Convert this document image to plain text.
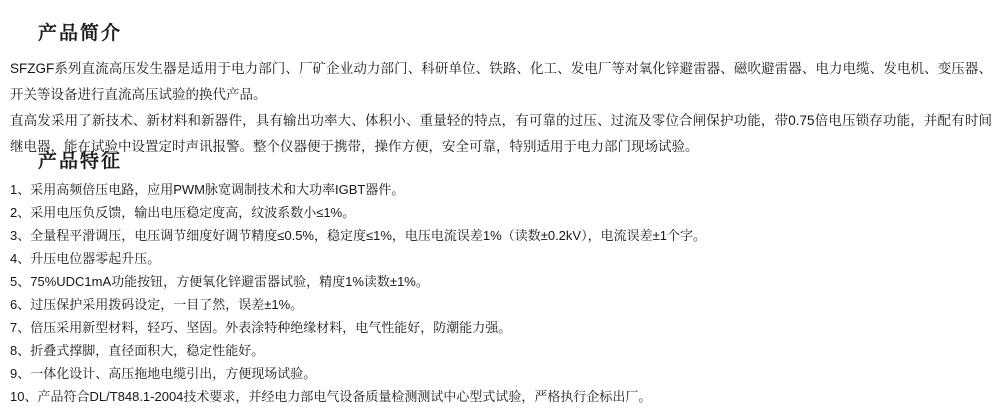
产品简介
SFZGF系列直流高压发生器是适用于电力部门、厂矿企业动力部门、科研单位、铁路、化工、发电厂等对氧化锌避雷器、磁吹避雷器、电力电缆、发电机、变压器、开关等设备进行直流高压试验的换代产品。
直高发采用了新技术、新材料和新器件，具有输出功率大、体积小、重量轻的特点，有可靠的过压、过流及零位合闸保护功能，带0.75倍电压锁存功能，并配有时间继电器，能在试验中设置定时声讯报警。整个仪器便于携带，操作方便，安全可靠，特别适用于电力部门现场试验。
产品特征
1、采用高频倍压电路，应用PWM脉宽调制技术和大功率IGBT器件。
2、采用电压负反馈，输出电压稳定度高，纹波系数小≤1%。
3、全量程平滑调压，电压调节细度好调节精度≤0.5%，稳定度≤1%，电压电流误差1%（读数±0.2kV），电流误差±1个字。
4、升压电位器零起升压。
5、75%UDC1mA功能按钮，方便氧化锌避雷器试验，精度1%读数±1%。
6、过压保护采用拨码设定，一目了然，误差±1%。
7、倍压采用新型材料，轻巧、坚固。外表涂特种绝缘材料，电气性能好，防潮能力强。
8、折叠式撑脚，直径面积大，稳定性能好。
9、一体化设计、高压拖地电缆引出，方便现场试验。
10、产品符合DL/T848.1-2004技术要求，并经电力部电气设备质量检测测试中心型式试验，严格执行企标出厂。
